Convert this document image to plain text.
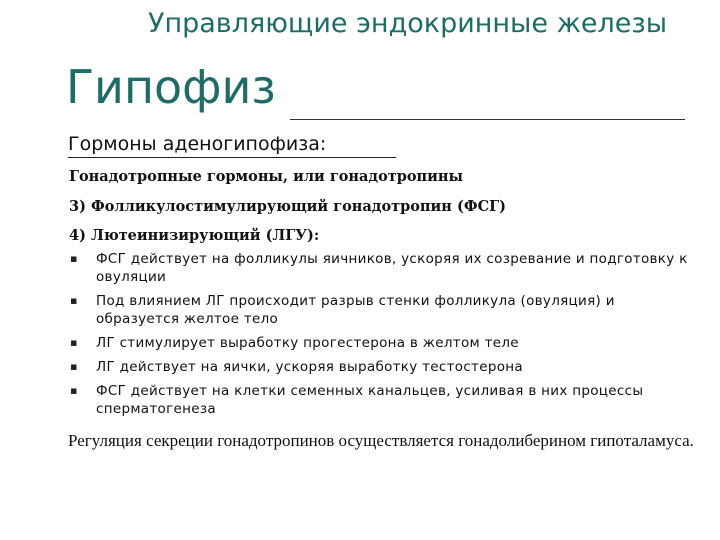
Управляющие эндокринные железы
Гипофиз
Гормоны аденогипофиза:
Гонадотропные гормоны, или гонадотропины
3) Фолликулостимулирующий гонадотропин (ФСГ)
4) Лютеинизирующий (ЛГУ):
▪ ФСГ действует на фолликулы яичников, ускоряя их созревание и подготовку к овуляции
▪ Под влиянием ЛГ происходит разрыв стенки фолликула (овуляция) и образуется желтое тело
▪ ЛГ стимулирует выработку прогестерона в желтом теле
▪ ЛГ действует на яички, ускоряя выработку тестостерона
▪ ФСГ действует на клетки семенных канальцев, усиливая в них процессы сперматогенеза
Регуляция секреции гонадотропинов осуществляется гонадолиберином гипоталамуса.
